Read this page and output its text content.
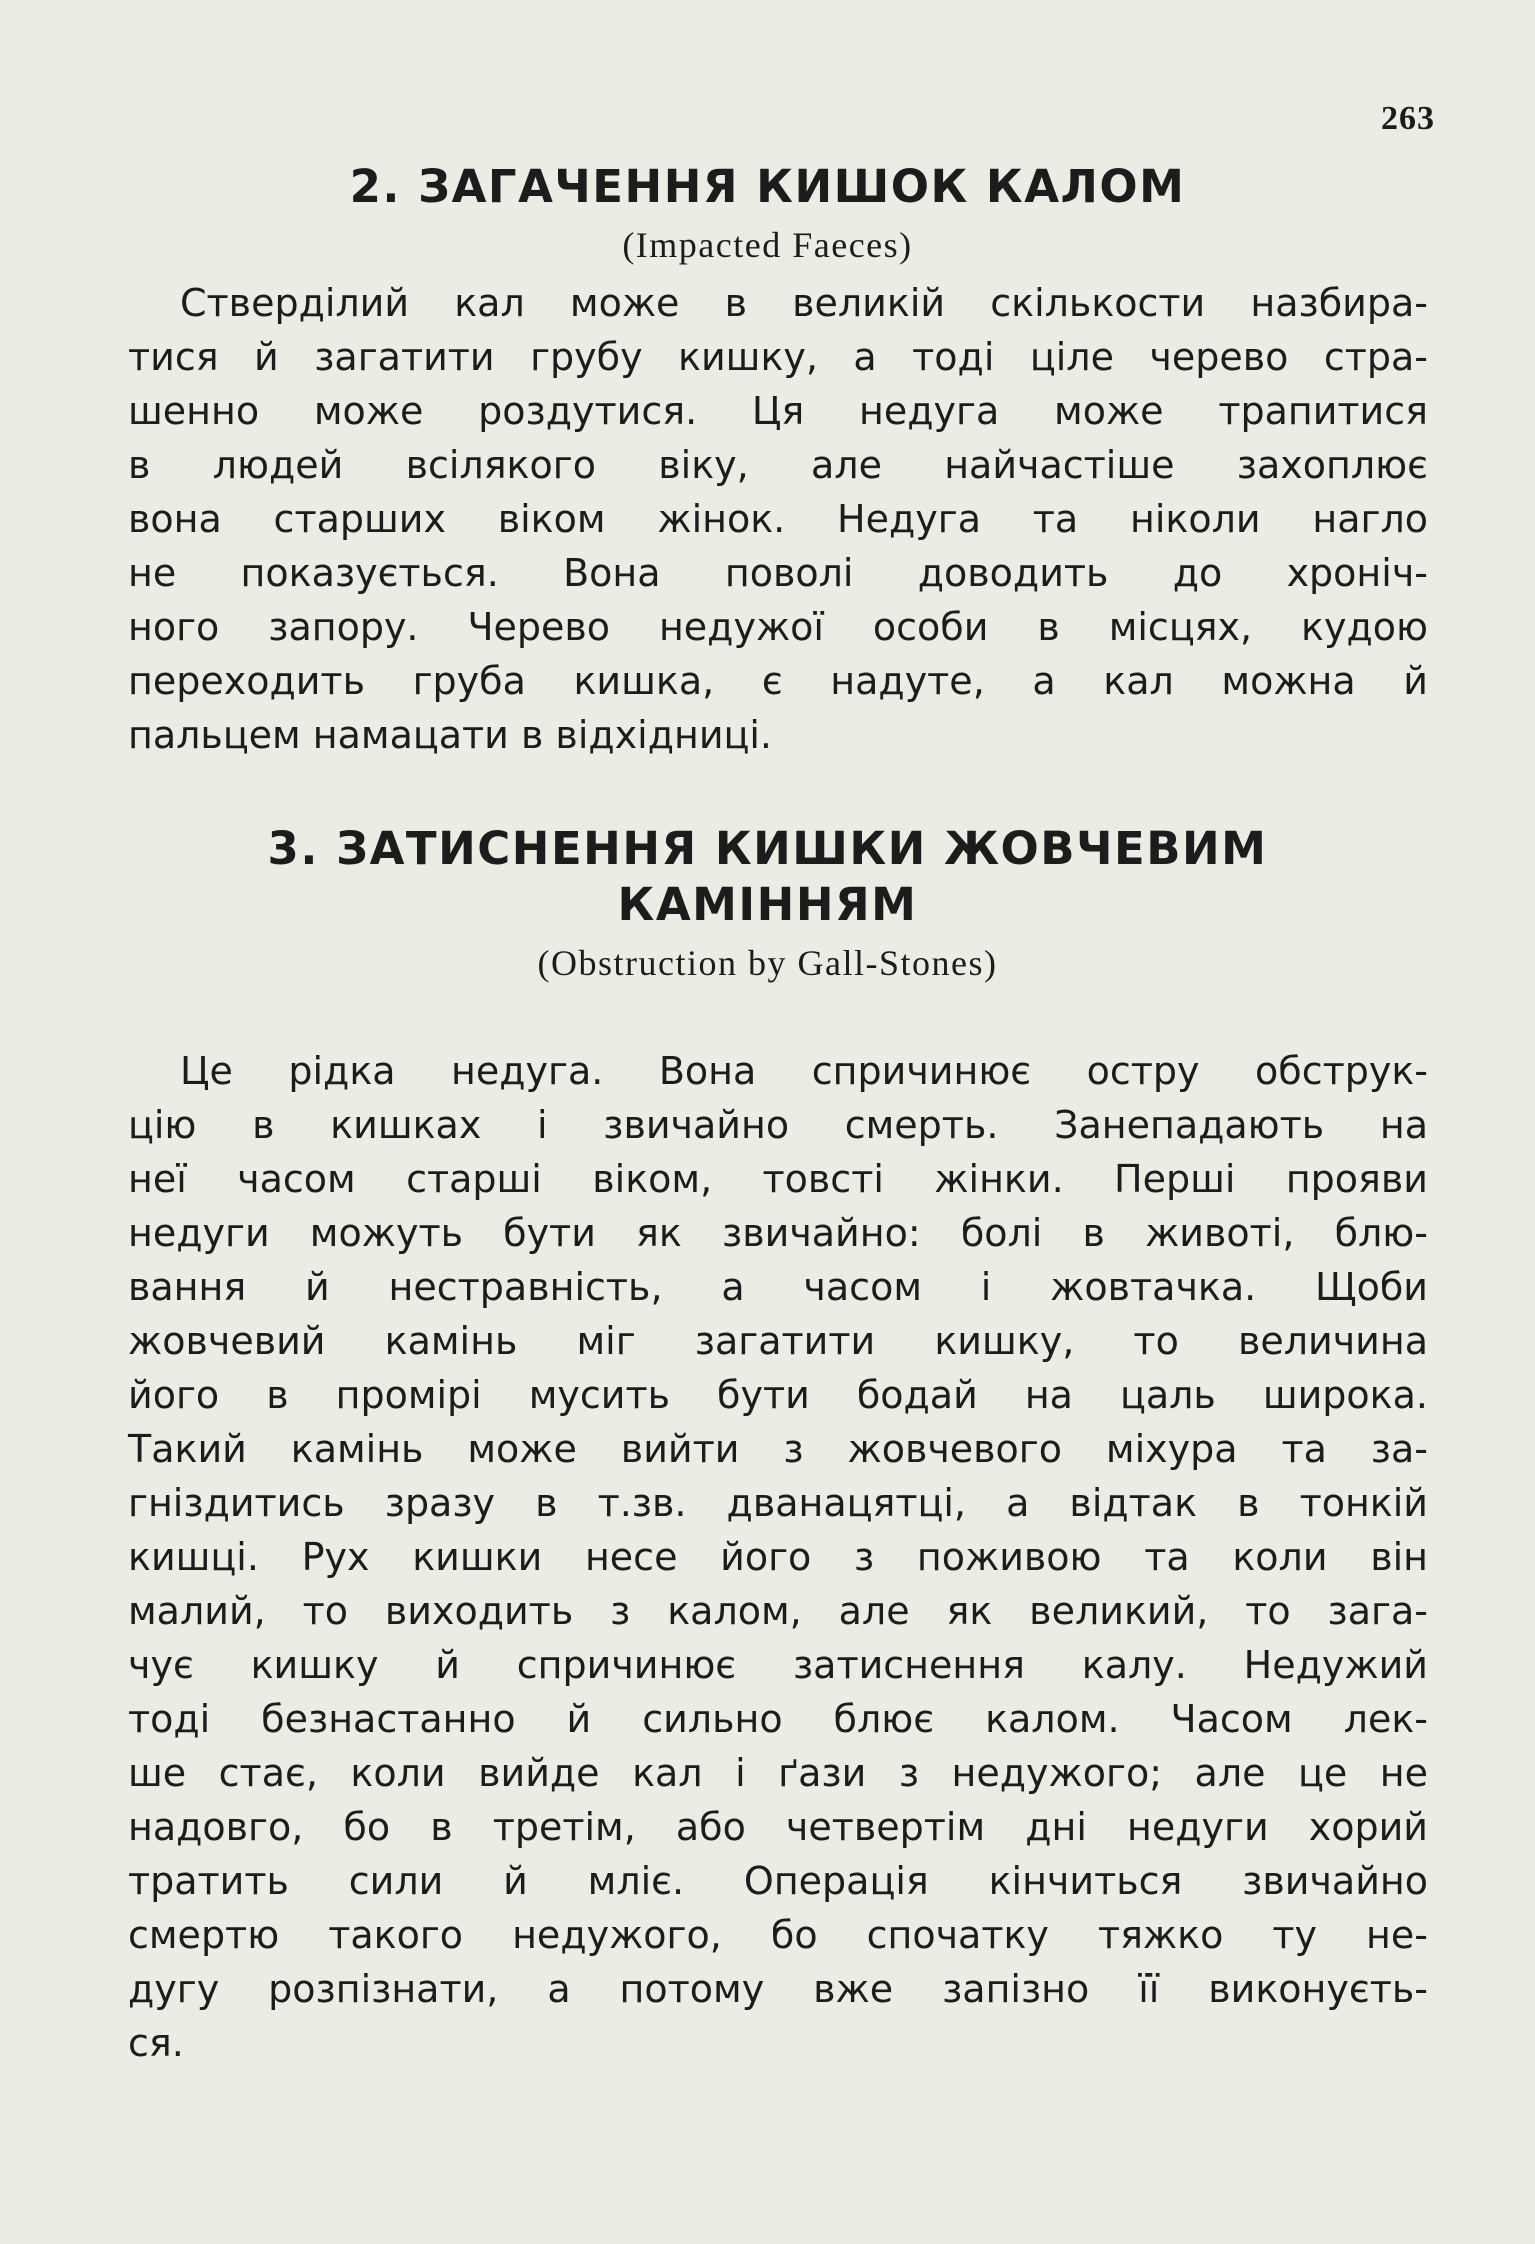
263
2. ЗАГАЧЕННЯ КИШОК КАЛОМ
(Impacted Faeces)
Стверділий кал може в великій скількости назбира-
тися й загатити грубу кишку, а тоді ціле черево стра-
шенно може роздутися. Ця недуга може трапитися
в людей всілякого віку, але найчастіше захоплює
вона старших віком жінок. Недуга та ніколи нагло
не показується. Вона поволі доводить до хроніч-
ного запору. Черево недужої особи в місцях, кудою
переходить груба кишка, є надуте, а кал можна й
пальцем намацати в відхідниці.
3. ЗАТИСНЕННЯ КИШКИ ЖОВЧЕВИМ
КАМІННЯМ
(Obstruction by Gall-Stones)
Це рідка недуга. Вона спричинює остру обструк-
цію в кишках і звичайно смерть. Занепадають на
неї часом старші віком, товсті жінки. Перші прояви
недуги можуть бути як звичайно: болі в животі, блю-
вання й нестравність, а часом і жовтачка. Щоби
жовчевий камінь міг загатити кишку, то величина
його в промірі мусить бути бодай на цаль широка.
Такий камінь може вийти з жовчевого міхура та за-
гніздитись зразу в т.зв. дванацятці, а відтак в тонкій
кишці. Рух кишки несе його з поживою та коли він
малий, то виходить з калом, але як великий, то зага-
чує кишку й спричинює затиснення калу. Недужий
тоді безнастанно й сильно блює калом. Часом лек-
ше стає, коли вийде кал і ґази з недужого; але це не
надовго, бо в третім, або четвертім дні недуги хорий
тратить сили й мліє. Операція кінчиться звичайно
смертю такого недужого, бо спочатку тяжко ту не-
дугу розпізнати, а потому вже запізно її виконуєть-
ся.
